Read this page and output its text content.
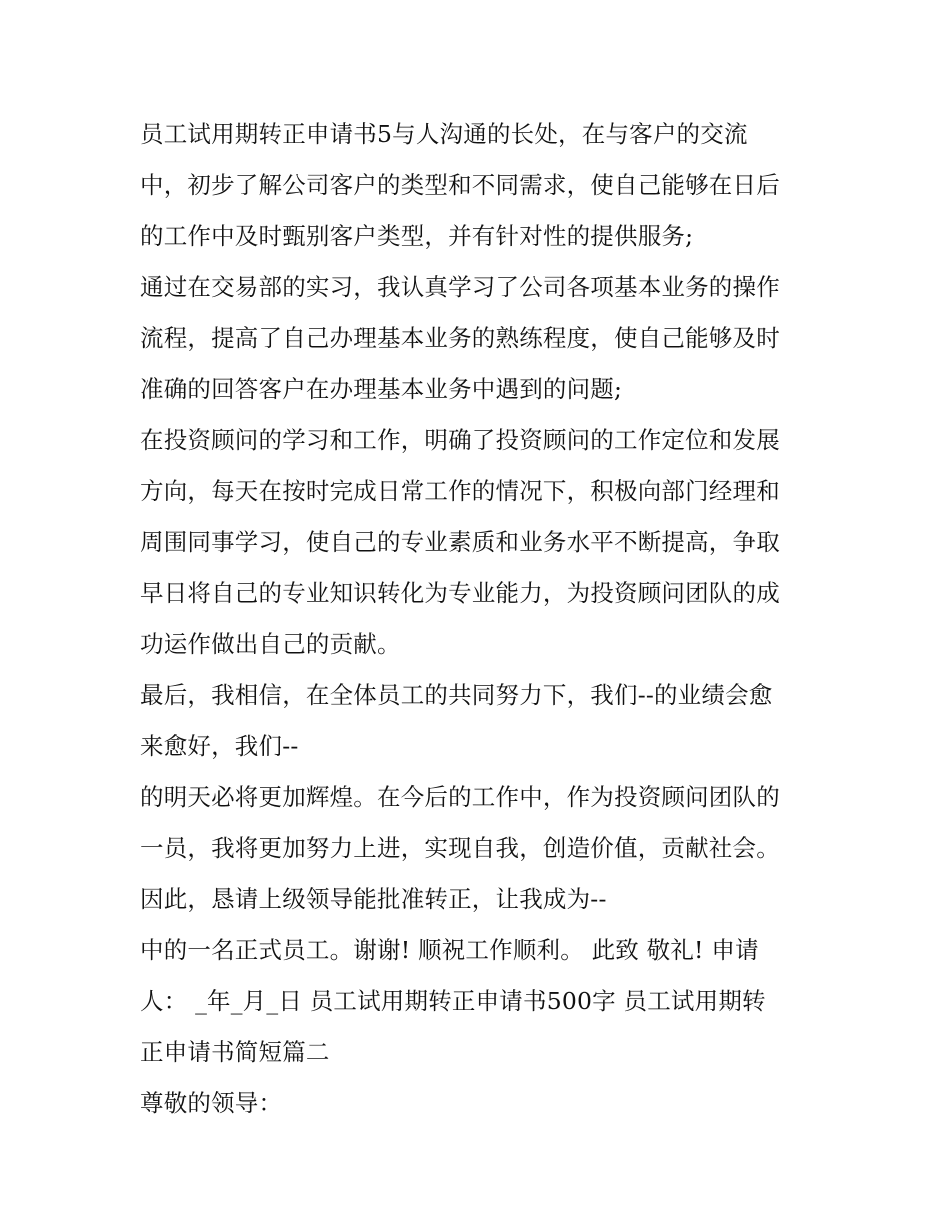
员工试用期转正申请书5与人沟通的长处，在与客户的交流
中，初步了解公司客户的类型和不同需求，使自己能够在日后
的工作中及时甄别客户类型，并有针对性的提供服务;
通过在交易部的实习，我认真学习了公司各项基本业务的操作
流程，提高了自己办理基本业务的熟练程度，使自己能够及时
准确的回答客户在办理基本业务中遇到的问题;
在投资顾问的学习和工作，明确了投资顾问的工作定位和发展
方向，每天在按时完成日常工作的情况下，积极向部门经理和
周围同事学习，使自己的专业素质和业务水平不断提高，争取
早日将自己的专业知识转化为专业能力，为投资顾问团队的成
功运作做出自己的贡献。
最后，我相信，在全体员工的共同努力下，我们--的业绩会愈
来愈好，我们--
的明天必将更加辉煌。在今后的工作中，作为投资顾问团队的
一员，我将更加努力上进，实现自我，创造价值，贡献社会。
因此，恳请上级领导能批准转正，让我成为--
中的一名正式员工。谢谢! 顺祝工作顺利。 此致 敬礼! 申请
人： _年_月_日 员工试用期转正申请书500字 员工试用期转
正申请书简短篇二
尊敬的领导：
